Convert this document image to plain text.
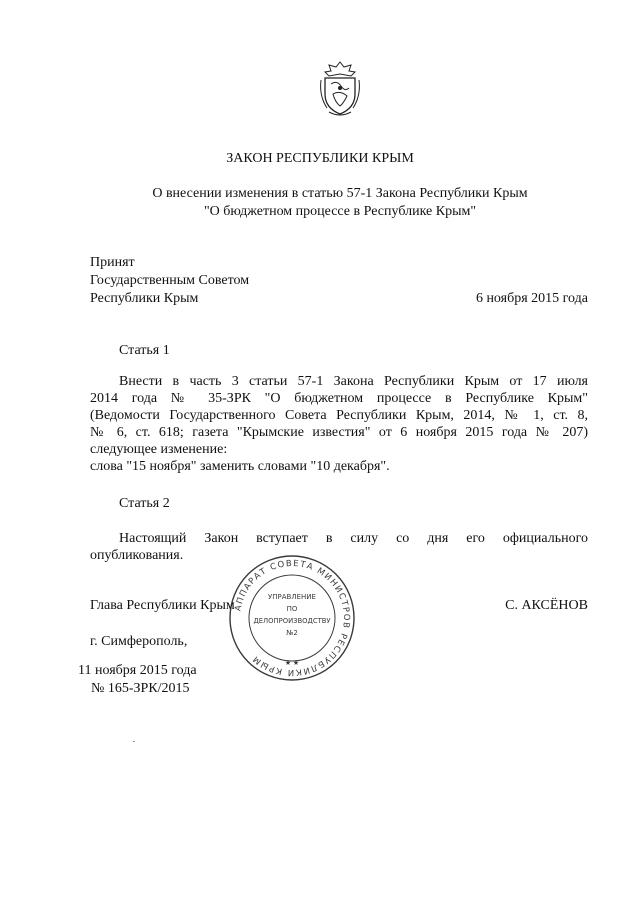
ЗАКОН РЕСПУБЛИКИ КРЫМ
О внесении изменения в статью 57-1 Закона Республики Крым
"О бюджетном процессе в Республике Крым"
Принят
Государственным Советом
Республики Крым	6 ноября 2015 года
Статья 1
Внести в часть 3 статьи 57-1 Закона Республики Крым от 17 июля
2014 года № 35-ЗРК "О бюджетном процессе в Республике Крым"
(Ведомости Государственного Совета Республики Крым, 2014, № 1, ст. 8,
№ 6, ст. 618; газета "Крымские известия" от 6 ноября 2015 года № 207)
следующее изменение:
слова "15 ноября" заменить словами "10 декабря".
Статья 2
Настоящий Закон вступает в силу со дня его официального
опубликования.
АППАРАТ СОВЕТА МИНИСТРОВ РЕСПУБЛИКИ КРЫМ
УПРАВЛЕНИЕ
ПО
ДЕЛОПРОИЗВОДСТВУ
№2
★ ★
Глава Республики Крым	С. АКСЁНОВ
г. Симферополь,
11 ноября 2015 года
№ 165-ЗРК/2015
